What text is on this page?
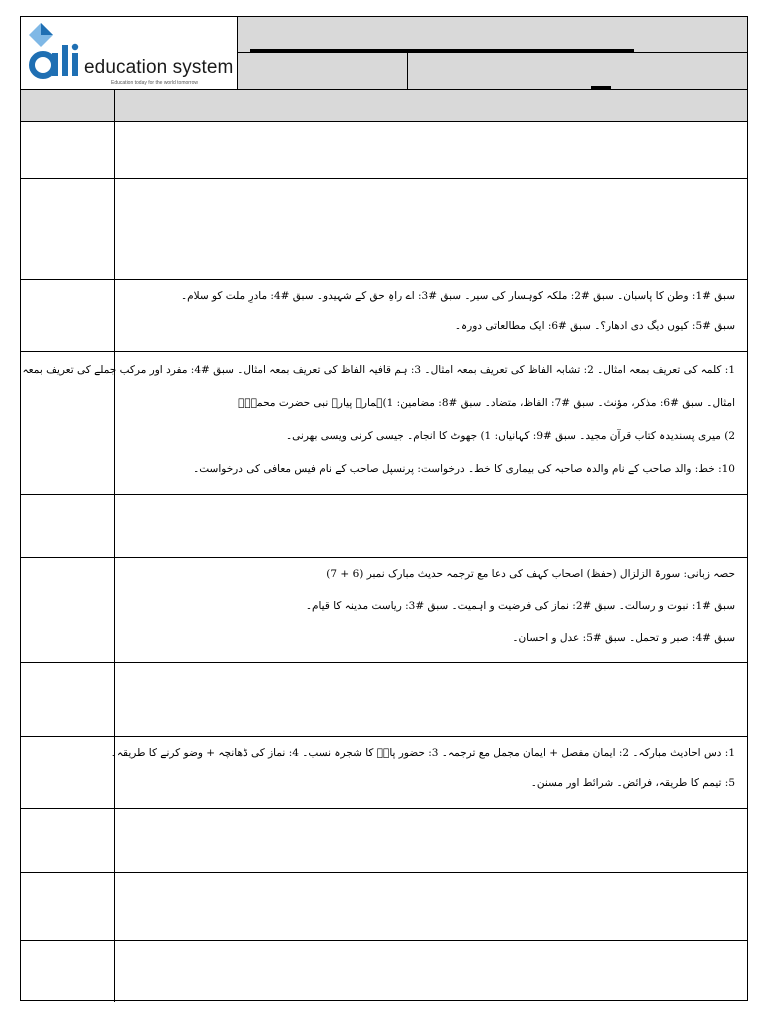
education system
Education today for the world tomorrow
سبق #1: وطن کا پاسبان۔ سبق #2: ملکہ کوہسار کی سیر۔ سبق #3: اے راہِ حق کے شہیدو۔ سبق #4: مادرِ ملت کو سلام۔
سبق #5: کیوں دیگ دی ادھار؟۔ سبق #6: ایک مطالعاتی دورہ۔
1: کلمہ کی تعریف بمعہ امثال۔ 2: تشابہ الفاظ کی تعریف بمعہ امثال۔ 3: ہم قافیہ الفاظ کی تعریف بمعہ امثال۔ سبق #4: مفرد اور مرکب جملے کی تعریف بمعہ
امثال۔ سبق #6: مذکر، مؤنث۔ سبق #7: الفاظ، متضاد۔ سبق #8: مضامین: 1)ہمارے پیارے نبی حضرت محمدؐ۔
2) میری پسندیدہ کتاب قرآن مجید۔ سبق #9: کہانیاں: 1) جھوٹ کا انجام۔ جیسی کرنی ویسی بھرنی۔
10: خط: والد صاحب کے نام والدہ صاحبہ کی بیماری کا خط۔ درخواست: پرنسپل صاحب کے نام فیس معافی کی درخواست۔
حصہ زبانی: سورۃ الزلزال (حفظ) اصحاب کہف کی دعا مع ترجمہ حدیث مبارک نمبر (6 + 7)
سبق #1: نبوت و رسالت۔ سبق #2: نماز کی فرضیت و اہمیت۔ سبق #3: ریاست مدینہ کا قیام۔
سبق #4: صبر و تحمل۔ سبق #5: عدل و احسان۔
1: دس احادیث مبارکہ۔ 2: ایمان مفصل + ایمان مجمل مع ترجمہ۔ 3: حضور پاکؐ کا شجرہ نسب۔ 4: نماز کی ڈھانچہ + وضو کرنے کا طریقہ۔
5: تیمم کا طریقہ، فرائض۔ شرائط اور مسنن۔
